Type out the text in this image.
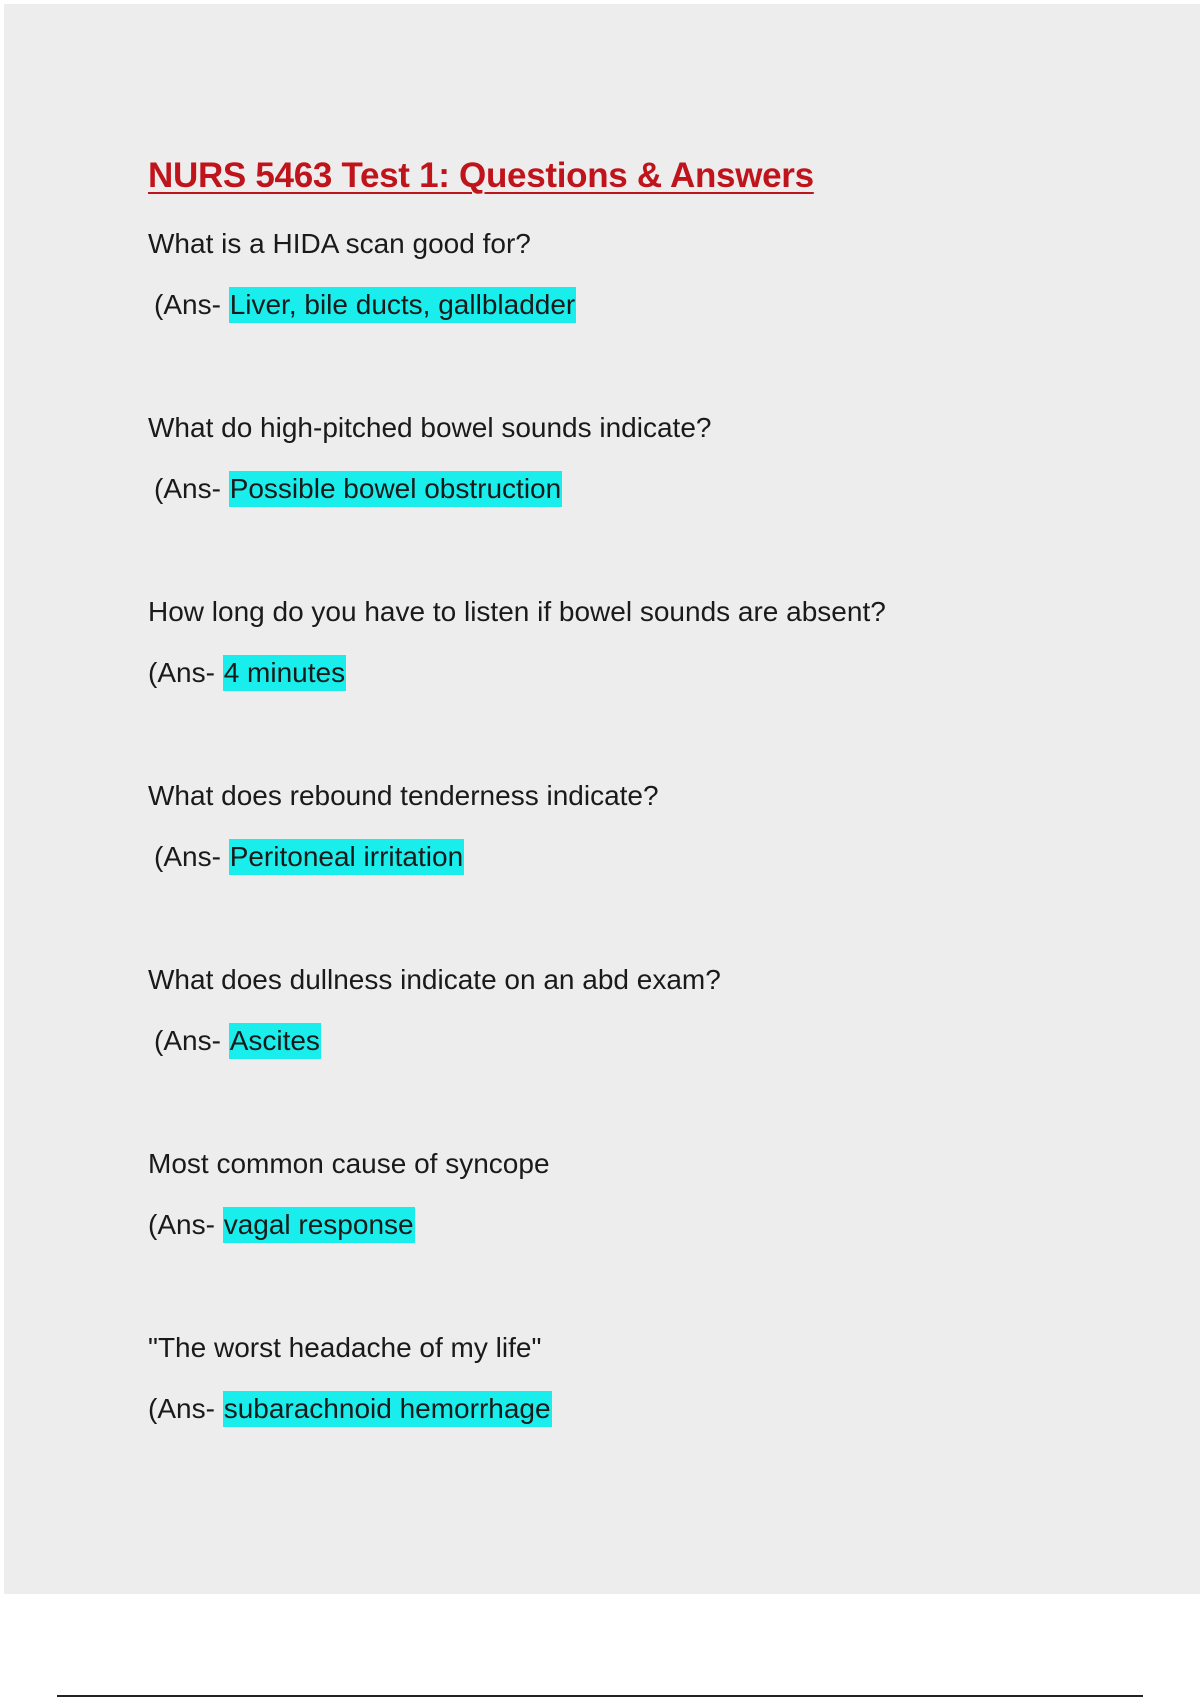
NURS 5463 Test 1: Questions & Answers

What is a HIDA scan good for?

(Ans- Liver, bile ducts, gallbladder

What do high-pitched bowel sounds indicate?

(Ans- Possible bowel obstruction

How long do you have to listen if bowel sounds are absent?

(Ans- 4 minutes

What does rebound tenderness indicate?

(Ans- Peritoneal irritation

What does dullness indicate on an abd exam?

(Ans- Ascites

Most common cause of syncope

(Ans- vagal response

"The worst headache of my life"

(Ans- subarachnoid hemorrhage
